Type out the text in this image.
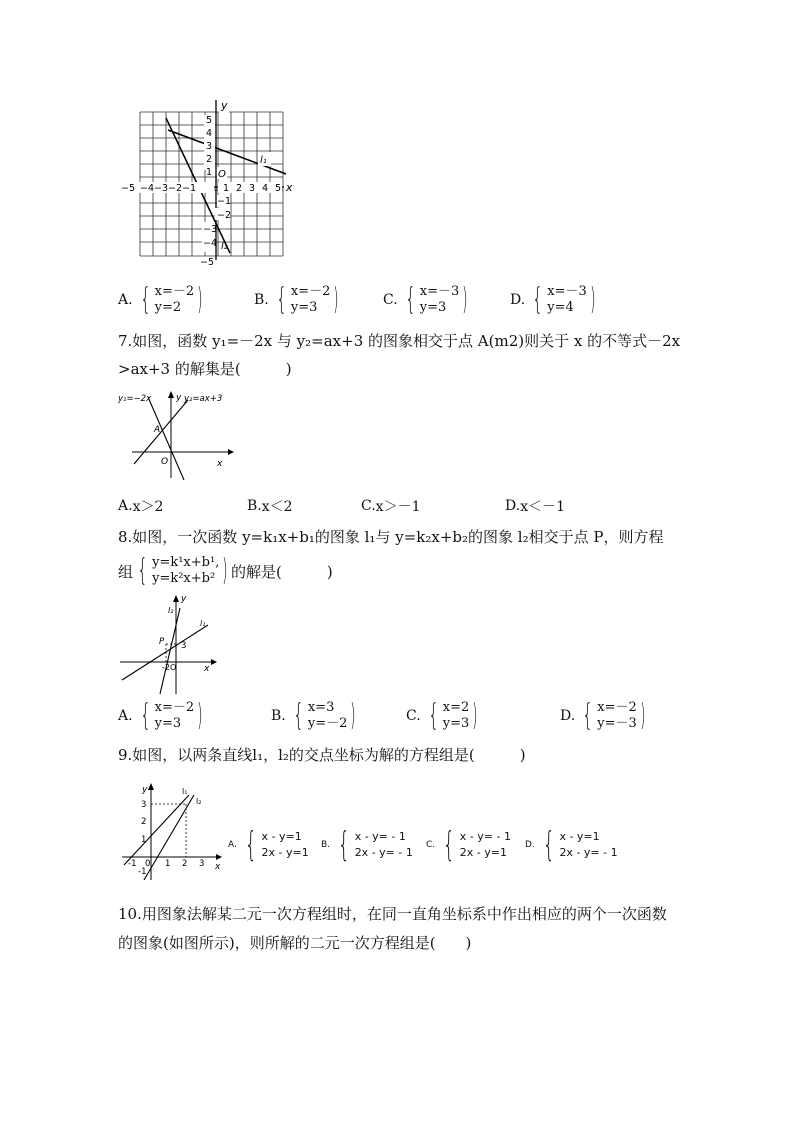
y
x
−5 −4 −3 −2 −1	1 2 3 4 5
5
4
3
2
1
−1
−2
−3
−4
−5
O
l₁
l₂
A. { x=－2
y=2 )	B. { x=－2
y=3 )	C. { x=－3
y=3 )	D. { x=－3
y=4 )
7.如图，函数 y₁=－2x 与 y₂=ax+3 的图象相交于点 A(m2)则关于 x 的不等式－2x
>ax+3 的解集是(　　　)
y₁=−2x	y₂=ax+3
y
A
O	x
A. x＞2	B. x＜2	C. x＞－1	D. x＜－1
8.如图，一次函数 y=k₁x+b₁的图象 l₁与 y=k₂x+b₂的图象 l₂相交于点 P，则方程
组 { y=k¹x+b¹,
y=k²x+b² ) 的解是(　　　)
y
l₂
l₁
P 3
-2O	x
A. { x=－2
y=3 )	B. { x=3
y=－2 )	C. { x=2
y=3 )	D. { x=－2
y=－3 )
9.如图，以两条直线l₁，l₂的交点坐标为解的方程组是(　　　)
y	l₁
l₂
3
2
1
-1
-1 0 1 2 3 x
A. { x - y=1
2x - y=1
B. { x - y= - 1
2x - y= - 1
C. { x - y= - 1
2x - y=1
D. { x - y=1
2x - y= - 1
10.用图象法解某二元一次方程组时，在同一直角坐标系中作出相应的两个一次函数
的图象(如图所示)，则所解的二元一次方程组是(　　)
